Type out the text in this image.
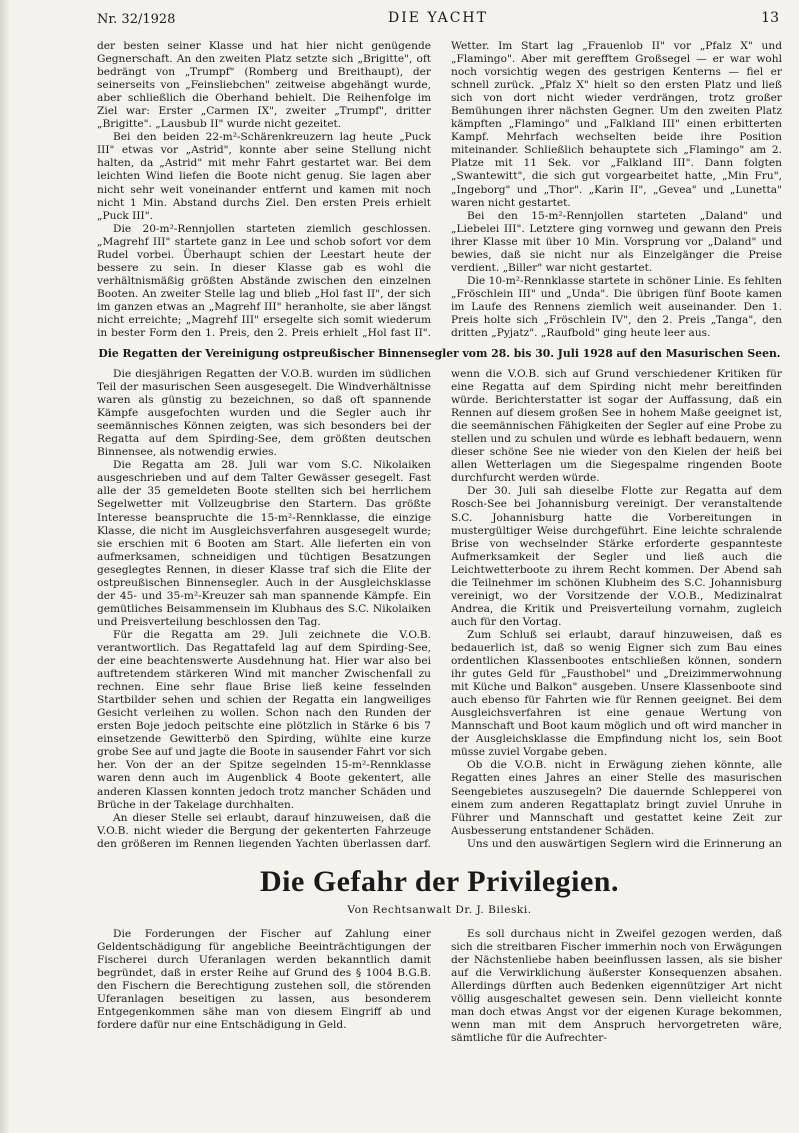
Nr. 32/1928	DIE YACHT	13

der besten seiner Klasse und hat hier nicht genügende Gegnerschaft. An den zweiten Platz setzte sich „Brigitte", oft bedrängt von „Trumpf" (Romberg und Breithaupt), der seinerseits von „Feinsliebchen" zeitweise abgehängt wurde, aber schließlich die Oberhand behielt. Die Reihenfolge im Ziel war: Erster „Carmen IX", zweiter „Trumpf", dritter „Brigitte". „Lausbub II" wurde nicht gezeitet.

Bei den beiden 22-m²-Schärenkreuzern lag heute „Puck III" etwas vor „Astrid", konnte aber seine Stellung nicht halten, da „Astrid" mit mehr Fahrt gestartet war. Bei dem leichten Wind liefen die Boote nicht genug. Sie lagen aber nicht sehr weit voneinander entfernt und kamen mit noch nicht 1 Min. Abstand durchs Ziel. Den ersten Preis erhielt „Puck III".

Die 20-m²-Rennjollen starteten ziemlich geschlossen. „Magrehf III" startete ganz in Lee und schob sofort vor dem Rudel vorbei. Überhaupt schien der Leestart heute der bessere zu sein. In dieser Klasse gab es wohl die verhältnismäßig größten Abstände zwischen den einzelnen Booten. An zweiter Stelle lag und blieb „Hol fast II", der sich im ganzen etwas an „Magrehf III" heranholte, sie aber längst nicht erreichte; „Magrehf III" ersegelte sich somit wiederum in bester Form den 1. Preis, den 2. Preis erhielt „Hol fast II".

Wetter. Im Start lag „Frauenlob II" vor „Pfalz X" und „Flamingo". Aber mit gerefftem Großsegel — er war wohl noch vorsichtig wegen des gestrigen Kenterns — fiel er schnell zurück. „Pfalz X" hielt so den ersten Platz und ließ sich von dort nicht wieder verdrängen, trotz großer Bemühungen ihrer nächsten Gegner. Um den zweiten Platz kämpften „Flamingo" und „Falkland III" einen erbitterten Kampf. Mehrfach wechselten beide ihre Position miteinander. Schließlich behauptete sich „Flamingo" am 2. Platze mit 11 Sek. vor „Falkland III". Dann folgten „Swantewitt", die sich gut vorgearbeitet hatte, „Min Fru", „Ingeborg" und „Thor". „Karin II", „Gevea" und „Lunetta" waren nicht gestartet.

Bei den 15-m²-Rennjollen starteten „Daland" und „Liebelei III". Letztere ging vornweg und gewann den Preis ihrer Klasse mit über 10 Min. Vorsprung vor „Daland" und bewies, daß sie nicht nur als Einzelgänger die Preise verdient. „Biller" war nicht gestartet.

Die 10-m²-Rennklasse startete in schöner Linie. Es fehlten „Fröschlein III" und „Unda". Die übrigen fünf Boote kamen im Laufe des Rennens ziemlich weit auseinander. Den 1. Preis holte sich „Fröschlein IV", den 2. Preis „Tanga", den dritten „Pyjatz". „Raufbold" ging heute leer aus.

Die Regatten der Vereinigung ostpreußischer Binnensegler vom 28. bis 30. Juli 1928 auf den Masurischen Seen.

Die diesjährigen Regatten der V.O.B. wurden im südlichen Teil der masurischen Seen ausgesegelt. Die Windverhältnisse waren als günstig zu bezeichnen, so daß oft spannende Kämpfe ausgefochten wurden und die Segler auch ihr seemännisches Können zeigten, was sich besonders bei der Regatta auf dem Spirding-See, dem größten deutschen Binnensee, als notwendig erwies.

Die Regatta am 28. Juli war vom S.C. Nikolaiken ausgeschrieben und auf dem Talter Gewässer gesegelt. Fast alle der 35 gemeldeten Boote stellten sich bei herrlichem Segelwetter mit Vollzeugbrise den Startern. Das größte Interesse beanspruchte die 15-m²-Rennklasse, die einzige Klasse, die nicht im Ausgleichsverfahren ausgesegelt wurde; sie erschien mit 6 Booten am Start. Alle lieferten ein von aufmerksamen, schneidigen und tüchtigen Besatzungen geseglegtes Rennen, in dieser Klasse traf sich die Elite der ostpreußischen Binnensegler. Auch in der Ausgleichsklasse der 45- und 35-m²-Kreuzer sah man spannende Kämpfe. Ein gemütliches Beisammensein im Klubhaus des S.C. Nikolaiken und Preisverteilung beschlossen den Tag.

Für die Regatta am 29. Juli zeichnete die V.O.B. verantwortlich. Das Regattafeld lag auf dem Spirding-See, der eine beachtenswerte Ausdehnung hat. Hier war also bei auftretendem stärkeren Wind mit mancher Zwischenfall zu rechnen. Eine sehr flaue Brise ließ keine fesselnden Startbilder sehen und schien der Regatta ein langweiliges Gesicht verleihen zu wollen. Schon nach den Runden der ersten Boje jedoch peitschte eine plötzlich in Stärke 6 bis 7 einsetzende Gewitterbö den Spirding, wühlte eine kurze grobe See auf und jagte die Boote in sausender Fahrt vor sich her. Von der an der Spitze segelnden 15-m²-Rennklasse waren denn auch im Augenblick 4 Boote gekentert, alle anderen Klassen konnten jedoch trotz mancher Schäden und Brüche in der Takelage durchhalten.

An dieser Stelle sei erlaubt, darauf hinzuweisen, daß die V.O.B. nicht wieder die Bergung der gekenterten Fahrzeuge den größeren im Rennen liegenden Yachten überlassen darf.

wenn die V.O.B. sich auf Grund verschiedener Kritiken für eine Regatta auf dem Spirding nicht mehr bereitfinden würde. Berichterstatter ist sogar der Auffassung, daß ein Rennen auf diesem großen See in hohem Maße geeignet ist, die seemännischen Fähigkeiten der Segler auf eine Probe zu stellen und zu schulen und würde es lebhaft bedauern, wenn dieser schöne See nie wieder von den Kielen der heiß bei allen Wetterlagen um die Siegespalme ringenden Boote durchfurcht werden würde.

Der 30. Juli sah dieselbe Flotte zur Regatta auf dem Rosch-See bei Johannisburg vereinigt. Der veranstaltende S.C. Johannisburg hatte die Vorbereitungen in mustergültiger Weise durchgeführt. Eine leichte schralende Brise von wechselnder Stärke erforderte gespannteste Aufmerksamkeit der Segler und ließ auch die Leichtwetterboote zu ihrem Recht kommen. Der Abend sah die Teilnehmer im schönen Klubheim des S.C. Johannisburg vereinigt, wo der Vorsitzende der V.O.B., Medizinalrat Andrea, die Kritik und Preisverteilung vornahm, zugleich auch für den Vortag.

Zum Schluß sei erlaubt, darauf hinzuweisen, daß es bedauerlich ist, daß so wenig Eigner sich zum Bau eines ordentlichen Klassenbootes entschließen können, sondern ihr gutes Geld für „Fausthobel" und „Dreizimmerwohnung mit Küche und Balkon" ausgeben. Unsere Klassenboote sind auch ebenso für Fahrten wie für Rennen geeignet. Bei dem Ausgleichsverfahren ist eine genaue Wertung von Mannschaft und Boot kaum möglich und oft wird mancher in der Ausgleichsklasse die Empfindung nicht los, sein Boot müsse zuviel Vorgabe geben.

Ob die V.O.B. nicht in Erwägung ziehen könnte, alle Regatten eines Jahres an einer Stelle des masurischen Seengebietes auszusegeln? Die dauernde Schlepperei von einem zum anderen Regattaplatz bringt zuviel Unruhe in Führer und Mannschaft und gestattet keine Zeit zur Ausbesserung entstandener Schäden.

Uns und den auswärtigen Seglern wird die Erinnerung an

Die Gefahr der Privilegien.
Von Rechtsanwalt Dr. J. Bileski.

Die Forderungen der Fischer auf Zahlung einer Geldentschädigung für angebliche Beeinträchtigungen der Fischerei durch Uferanlagen werden bekanntlich damit begründet, daß in erster Reihe auf Grund des § 1004 B.G.B. den Fischern die Berechtigung zustehen soll, die störenden Uferanlagen beseitigen zu lassen, aus besonderem Entgegenkommen sähe man von diesem Eingriff ab und fordere dafür nur eine Entschädigung in Geld.

Es soll durchaus nicht in Zweifel gezogen werden, daß sich die streitbaren Fischer immerhin noch von Erwägungen der Nächstenliebe haben beeinflussen lassen, als sie bisher auf die Verwirklichung äußerster Konsequenzen absahen. Allerdings dürften auch Bedenken eigennütziger Art nicht völlig ausgeschaltet gewesen sein. Denn vielleicht konnte man doch etwas Angst vor der eigenen Kurage bekommen, wenn man mit dem Anspruch hervorgetreten wäre, sämtliche für die Aufrechter-
